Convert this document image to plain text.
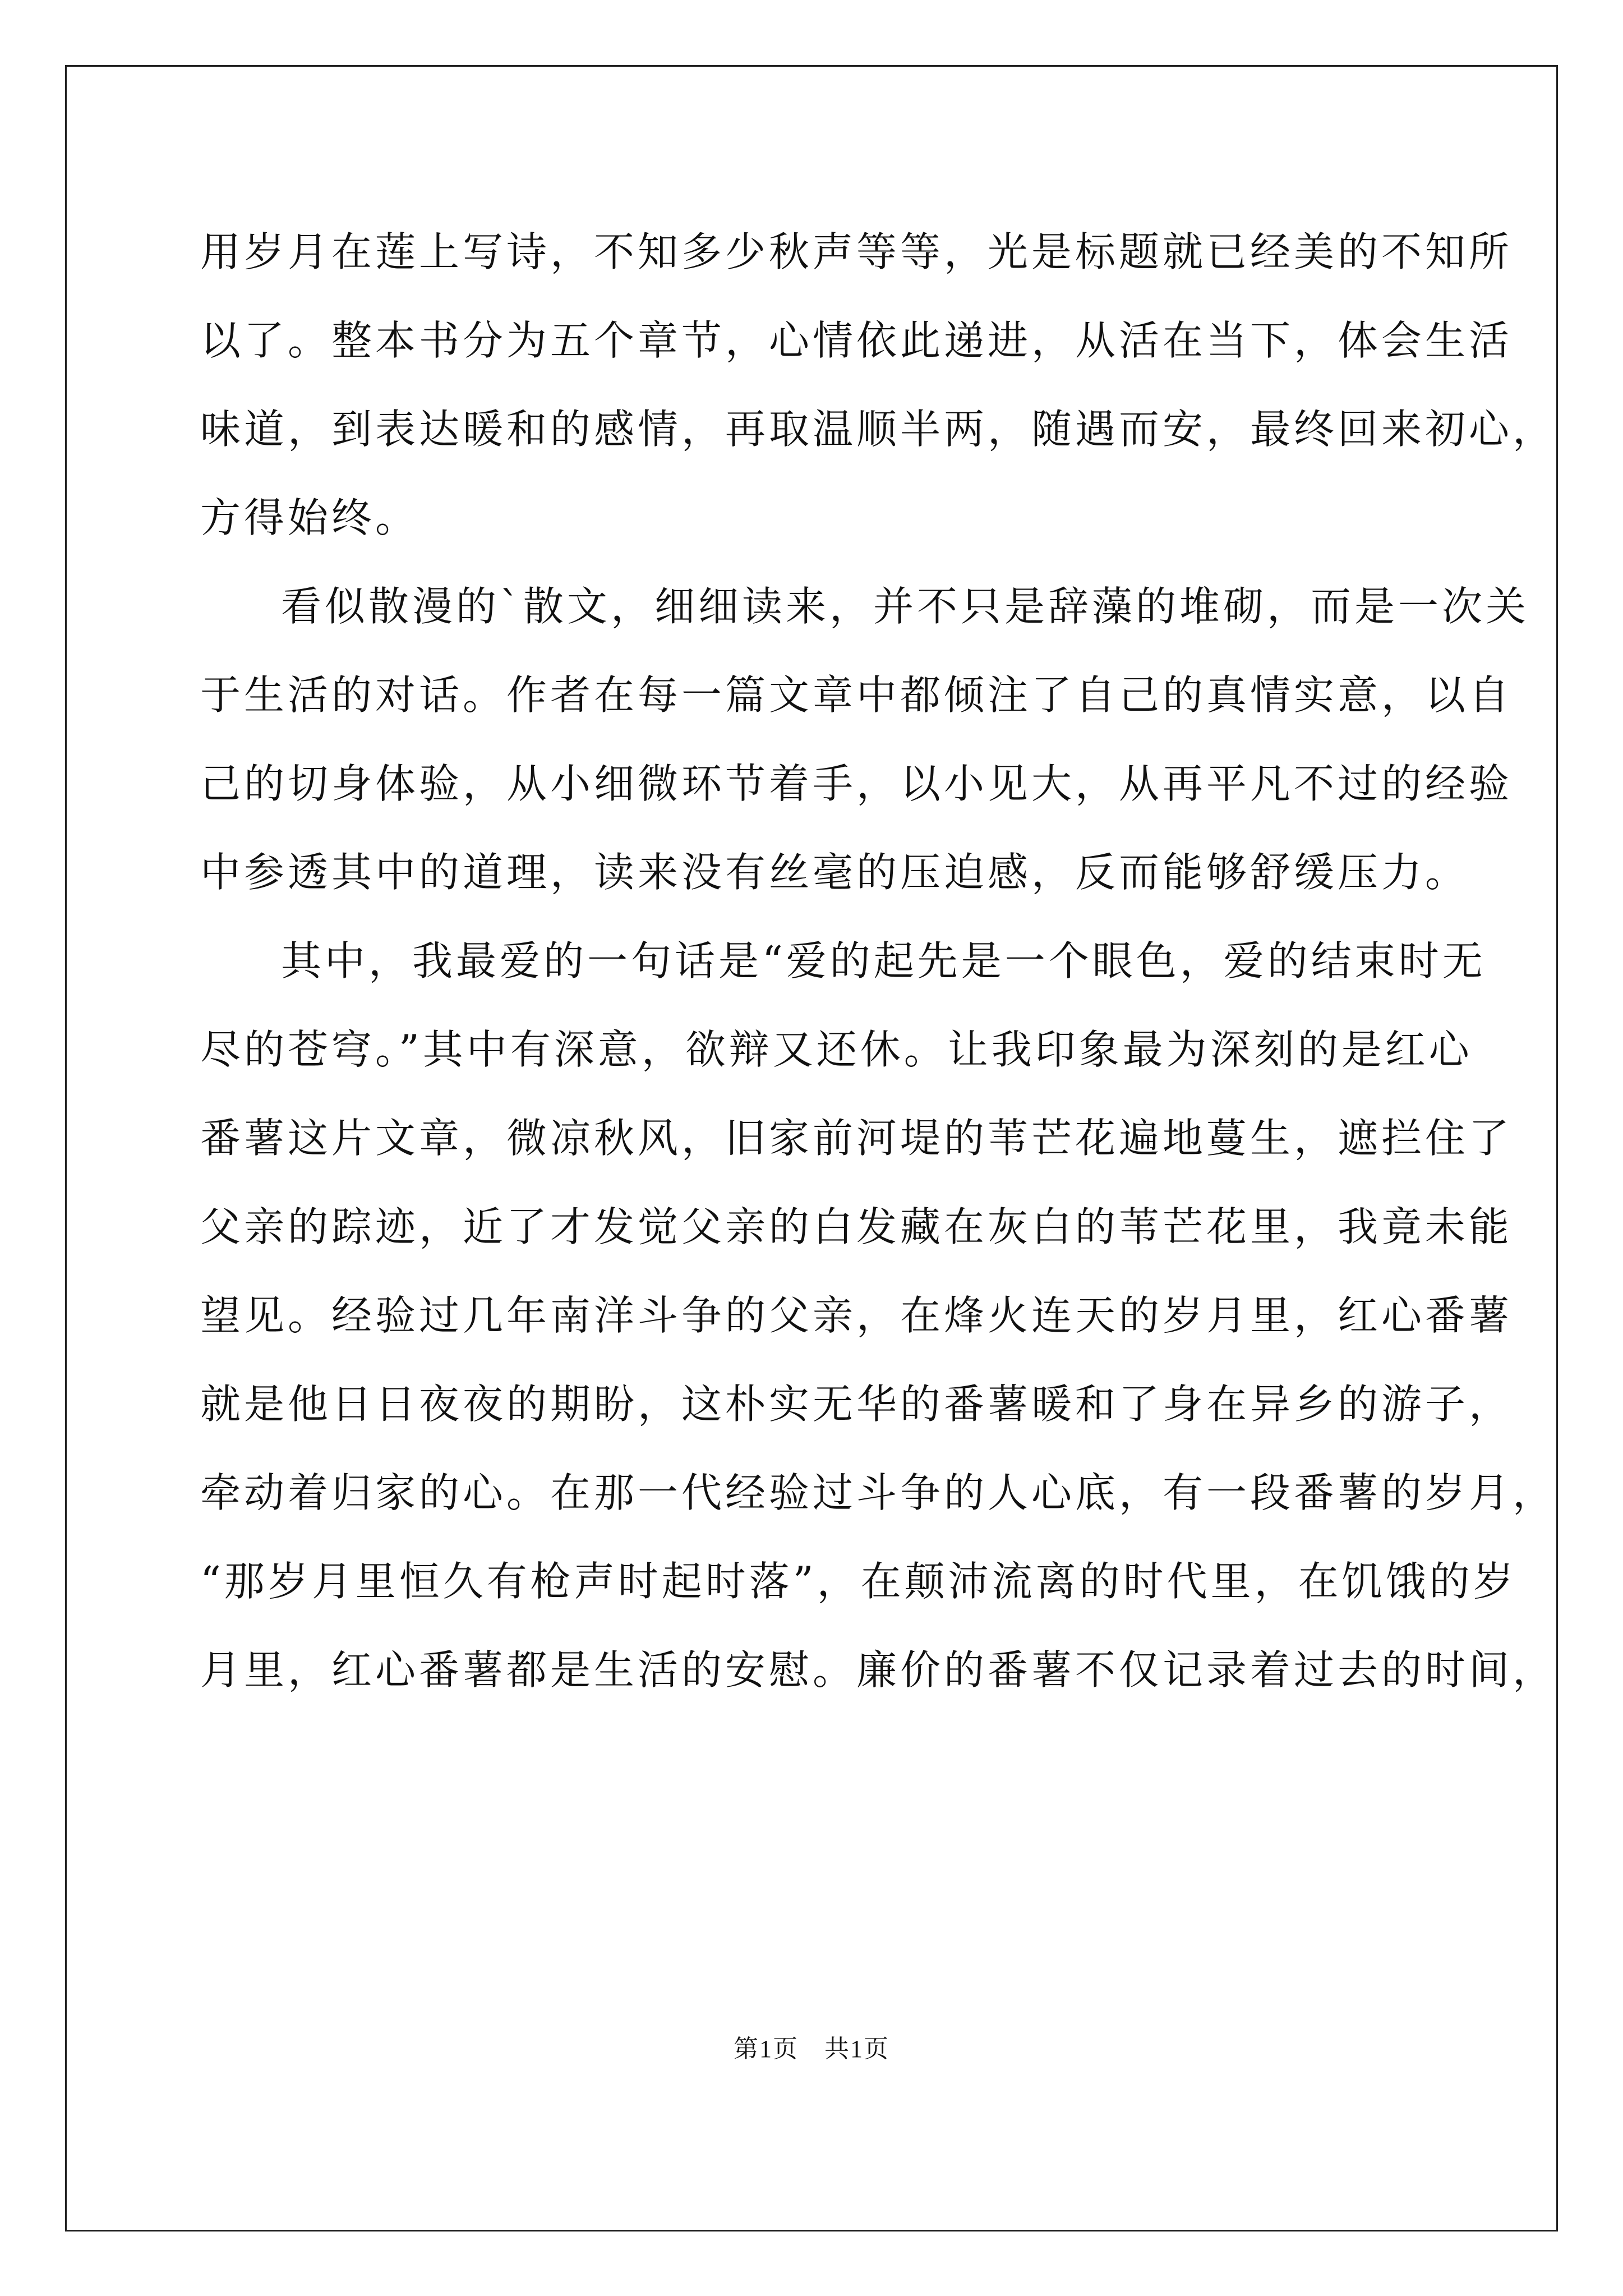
用岁月在莲上写诗，不知多少秋声等等，光是标题就已经美的不知所
以了。整本书分为五个章节，心情依此递进，从活在当下，体会生活
味道，到表达暖和的感情，再取温顺半两，随遇而安，最终回来初心，
方得始终。
看似散漫的`散文，细细读来，并不只是辞藻的堆砌，而是一次关
于生活的对话。作者在每一篇文章中都倾注了自己的真情实意，以自
己的切身体验，从小细微环节着手，以小见大，从再平凡不过的经验
中参透其中的道理，读来没有丝毫的压迫感，反而能够舒缓压力。
其中，我最爱的一句话是“爱的起先是一个眼色，爱的结束时无
尽的苍穹。”其中有深意，欲辩又还休。让我印象最为深刻的是红心
番薯这片文章，微凉秋风，旧家前河堤的苇芒花遍地蔓生，遮拦住了
父亲的踪迹，近了才发觉父亲的白发藏在灰白的苇芒花里，我竟未能
望见。经验过几年南洋斗争的父亲，在烽火连天的岁月里，红心番薯
就是他日日夜夜的期盼，这朴实无华的番薯暖和了身在异乡的游子，
牵动着归家的心。在那一代经验过斗争的人心底，有一段番薯的岁月，
“那岁月里恒久有枪声时起时落”，在颠沛流离的时代里，在饥饿的岁
月里，红心番薯都是生活的安慰。廉价的番薯不仅记录着过去的时间，
第1页　共1页
